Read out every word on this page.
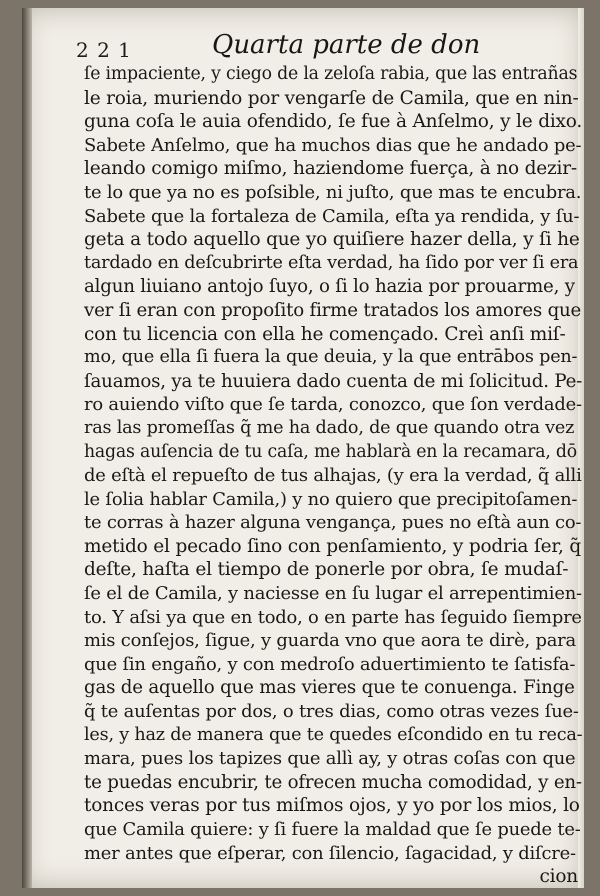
2 2 1	Quarta parte de don
ſe impaciente, y ciego de la zeloſa rabia, que las entrañas
le roia, muriendo por vengarſe de Camila, que en nin-
guna coſa le auia ofendido, ſe fue à Anſelmo, y le dixo.
Sabete Anſelmo, que ha muchos dias que he andado pe-
leando comigo miſmo, haziendome fuerça, à no dezir-
te lo que ya no es poſsible, ni juſto, que mas te encubra.
Sabete que la fortaleza de Camila, eſta ya rendida, y ſu-
geta a todo aquello que yo quiſiere hazer della, y ſi he
tardado en deſcubrirte eſta verdad, ha ſido por ver ſi era
algun liuiano antojo ſuyo, o ſi lo hazia por prouarme, y
ver ſi eran con propoſito firme tratados los amores que
con tu licencia con ella he començado. Creì anſi miſ-
mo, que ella ſi fuera la que deuia, y la que entrābos pen-
ſauamos, ya te huuiera dado cuenta de mi ſolicitud. Pe-
ro auiendo viſto que ſe tarda, conozco, que ſon verdade-
ras las promeſſas q̃ me ha dado, de que quando otra vez
hagas auſencia de tu caſa, me hablarà en la recamara, dō
de eſtà el repueſto de tus alhajas, (y era la verdad, q̃ alli
le ſolia hablar Camila,) y no quiero que precipitoſamen-
te corras à hazer alguna vengança, pues no eſtà aun co-
metido el pecado ſino con penſamiento, y podria ſer, q̃
deſte, haſta el tiempo de ponerle por obra, ſe mudaſ-
ſe el de Camila, y naciesse en ſu lugar el arrepentimien-
to. Y aſsi ya que en todo, o en parte has ſeguido ſiempre
mis conſejos, ſigue, y guarda vno que aora te dirè, para
que ſin engaño, y con medroſo aduertimiento te ſatisfa-
gas de aquello que mas vieres que te conuenga. Finge
q̃ te auſentas por dos, o tres dias, como otras vezes ſue-
les, y haz de manera que te quedes eſcondido en tu reca-
mara, pues los tapizes que allì ay, y otras coſas con que
te puedas encubrir, te ofrecen mucha comodidad, y en-
tonces veras por tus miſmos ojos, y yo por los mios, lo
que Camila quiere: y ſi fuere la maldad que ſe puede te-
mer antes que eſperar, con ſilencio, ſagacidad, y diſcre-
cion
